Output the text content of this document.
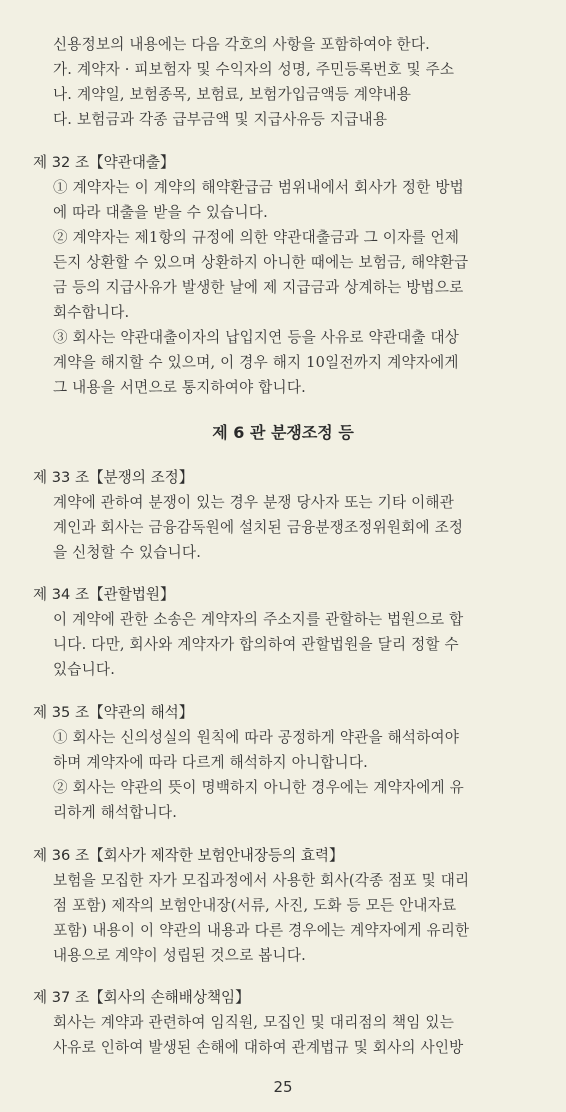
신용정보의 내용에는 다음 각호의 사항을 포함하여야 한다.
가. 계약자 · 피보험자 및 수익자의 성명, 주민등록번호 및 주소
나. 계약일, 보험종목, 보험료, 보험가입금액등 계약내용
다. 보험금과 각종 급부금액 및 지급사유등 지급내용
제 32 조【약관대출】
① 계약자는 이 계약의 해약환급금 범위내에서 회사가 정한 방법
에 따라 대출을 받을 수 있습니다.
② 계약자는 제1항의 규정에 의한 약관대출금과 그 이자를 언제
든지 상환할 수 있으며 상환하지 아니한 때에는 보험금, 해약환급
금 등의 지급사유가 발생한 날에 제 지급금과 상계하는 방법으로
회수합니다.
③ 회사는 약관대출이자의 납입지연 등을 사유로 약관대출 대상
계약을 해지할 수 있으며, 이 경우 해지 10일전까지 계약자에게
그 내용을 서면으로 통지하여야 합니다.
제 6 관 분쟁조정 등
제 33 조【분쟁의 조정】
계약에 관하여 분쟁이 있는 경우 분쟁 당사자 또는 기타 이해관
계인과 회사는 금융감독원에 설치된 금융분쟁조정위원회에 조정
을 신청할 수 있습니다.
제 34 조【관할법원】
이 계약에 관한 소송은 계약자의 주소지를 관할하는 법원으로 합
니다. 다만, 회사와 계약자가 합의하여 관할법원을 달리 정할 수
있습니다.
제 35 조【약관의 해석】
① 회사는 신의성실의 원칙에 따라 공정하게 약관을 해석하여야
하며 계약자에 따라 다르게 해석하지 아니합니다.
② 회사는 약관의 뜻이 명백하지 아니한 경우에는 계약자에게 유
리하게 해석합니다.
제 36 조【회사가 제작한 보험안내장등의 효력】
보험을 모집한 자가 모집과정에서 사용한 회사(각종 점포 및 대리
점 포함) 제작의 보험안내장(서류, 사진, 도화 등 모든 안내자료
포함) 내용이 이 약관의 내용과 다른 경우에는 계약자에게 유리한
내용으로 계약이 성립된 것으로 봅니다.
제 37 조【회사의 손해배상책임】
회사는 계약과 관련하여 임직원, 모집인 및 대리점의 책임 있는
사유로 인하여 발생된 손해에 대하여 관계법규 및 회사의 사인방
25
